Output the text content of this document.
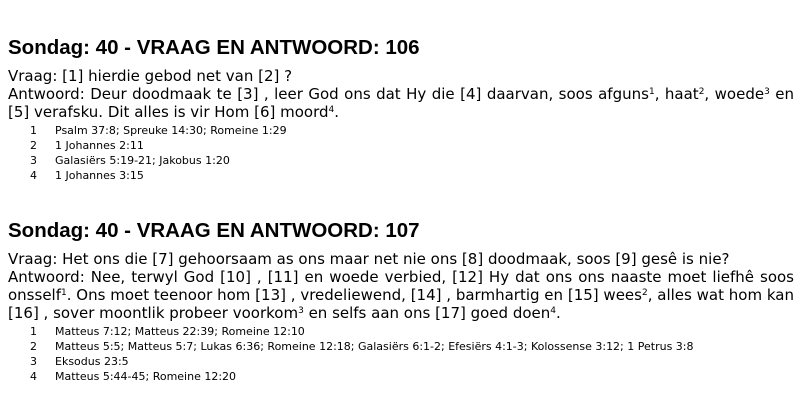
Sondag: 40 - VRAAG EN ANTWOORD: 106

Vraag: [1] hierdie gebod net van [2] ?

Antwoord: Deur doodmaak te [3] , leer God ons dat Hy die [4] daarvan, soos afguns$^1$, haat$^2$, woede$^3$ en [5] verafsku. Dit alles is vir Hom [6] moord$^4$.

1	Psalm 37:8; Spreuke 14:30; Romeine 1:29
2	1 Johannes 2:11
3	Galasiërs 5:19-21; Jakobus 1:20
4	1 Johannes 3:15
Sondag: 40 - VRAAG EN ANTWOORD: 107

Vraag: Het ons die [7] gehoorsaam as ons maar net nie ons [8] doodmaak, soos [9] gesê is nie?

Antwoord: Nee, terwyl God [10] , [11] en woede verbied, [12] Hy dat ons ons naaste moet liefhê soos onsself$^1$. Ons moet teenoor hom [13] , vredeliewend, [14] , barmhartig en [15] wees$^2$, alles wat hom kan [16] , sover moontlik probeer voorkom$^3$ en selfs aan ons [17] goed doen$^4$.

1	Matteus 7:12; Matteus 22:39; Romeine 12:10
2	Matteus 5:5; Matteus 5:7; Lukas 6:36; Romeine 12:18; Galasiërs 6:1-2; Efesiërs 4:1-3; Kolossense 3:12; 1 Petrus 3:8
3	Eksodus 23:5
4	Matteus 5:44-45; Romeine 12:20
